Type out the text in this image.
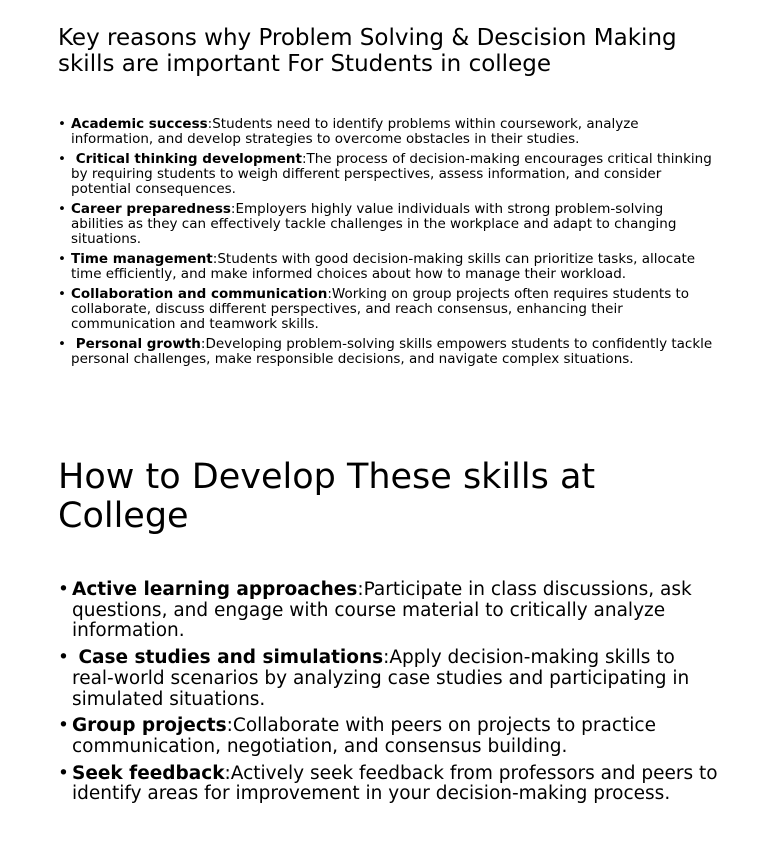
Key reasons why Problem Solving & Descision Making skills are important For Students in college
• Academic success:Students need to identify problems within coursework, analyze information, and develop strategies to overcome obstacles in their studies.
• Critical thinking development:The process of decision-making encourages critical thinking by requiring students to weigh different perspectives, assess information, and consider potential consequences.
• Career preparedness:Employers highly value individuals with strong problem-solving abilities as they can effectively tackle challenges in the workplace and adapt to changing situations.
• Time management:Students with good decision-making skills can prioritize tasks, allocate time efficiently, and make informed choices about how to manage their workload.
• Collaboration and communication:Working on group projects often requires students to collaborate, discuss different perspectives, and reach consensus, enhancing their communication and teamwork skills.
• Personal growth:Developing problem-solving skills empowers students to confidently tackle personal challenges, make responsible decisions, and navigate complex situations.
How to Develop These skills at College
• Active learning approaches:Participate in class discussions, ask questions, and engage with course material to critically analyze information.
• Case studies and simulations:Apply decision-making skills to real-world scenarios by analyzing case studies and participating in simulated situations.
• Group projects:Collaborate with peers on projects to practice communication, negotiation, and consensus building.
• Seek feedback:Actively seek feedback from professors and peers to identify areas for improvement in your decision-making process.
